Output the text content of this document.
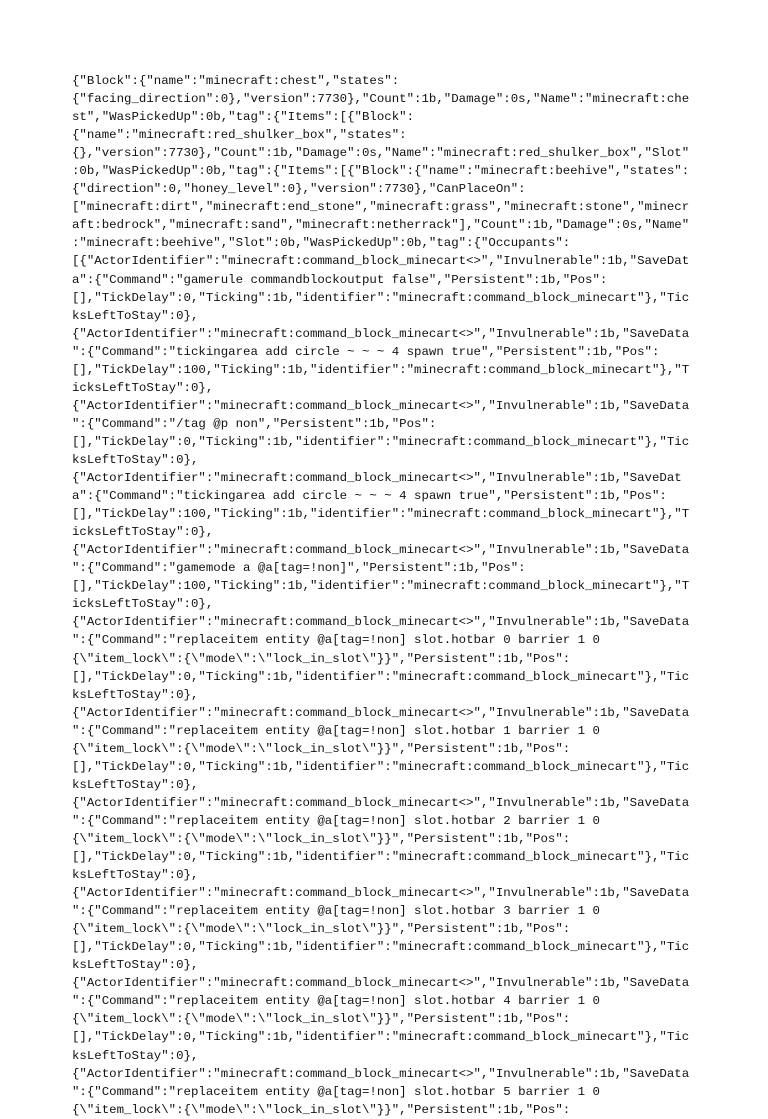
{"Block":{"name":"minecraft:chest","states":
{"facing_direction":0},"version":7730},"Count":1b,"Damage":0s,"Name":"minecraft:che
st","WasPickedUp":0b,"tag":{"Items":[{"Block":
{"name":"minecraft:red_shulker_box","states":
{},"version":7730},"Count":1b,"Damage":0s,"Name":"minecraft:red_shulker_box","Slot"
:0b,"WasPickedUp":0b,"tag":{"Items":[{"Block":{"name":"minecraft:beehive","states":
{"direction":0,"honey_level":0},"version":7730},"CanPlaceOn":
["minecraft:dirt","minecraft:end_stone","minecraft:grass","minecraft:stone","minecr
aft:bedrock","minecraft:sand","minecraft:netherrack"],"Count":1b,"Damage":0s,"Name"
:"minecraft:beehive","Slot":0b,"WasPickedUp":0b,"tag":{"Occupants":
[{"ActorIdentifier":"minecraft:command_block_minecart<>","Invulnerable":1b,"SaveDat
a":{"Command":"gamerule commandblockoutput false","Persistent":1b,"Pos":
[],"TickDelay":0,"Ticking":1b,"identifier":"minecraft:command_block_minecart"},"Tic
ksLeftToStay":0},
{"ActorIdentifier":"minecraft:command_block_minecart<>","Invulnerable":1b,"SaveData
":{"Command":"tickingarea add circle ~ ~ ~ 4 spawn true","Persistent":1b,"Pos":
[],"TickDelay":100,"Ticking":1b,"identifier":"minecraft:command_block_minecart"},"T
icksLeftToStay":0},
{"ActorIdentifier":"minecraft:command_block_minecart<>","Invulnerable":1b,"SaveData
":{"Command":"/tag @p non","Persistent":1b,"Pos":
[],"TickDelay":0,"Ticking":1b,"identifier":"minecraft:command_block_minecart"},"Tic
ksLeftToStay":0},
{"ActorIdentifier":"minecraft:command_block_minecart<>","Invulnerable":1b,"SaveDat
a":{"Command":"tickingarea add circle ~ ~ ~ 4 spawn true","Persistent":1b,"Pos":
[],"TickDelay":100,"Ticking":1b,"identifier":"minecraft:command_block_minecart"},"T
icksLeftToStay":0},
{"ActorIdentifier":"minecraft:command_block_minecart<>","Invulnerable":1b,"SaveData
":{"Command":"gamemode a @a[tag=!non]","Persistent":1b,"Pos":
[],"TickDelay":100,"Ticking":1b,"identifier":"minecraft:command_block_minecart"},"T
icksLeftToStay":0},
{"ActorIdentifier":"minecraft:command_block_minecart<>","Invulnerable":1b,"SaveData
":{"Command":"replaceitem entity @a[tag=!non] slot.hotbar 0 barrier 1 0
{\"item_lock\":{\"mode\":\"lock_in_slot\"}}","Persistent":1b,"Pos":
[],"TickDelay":0,"Ticking":1b,"identifier":"minecraft:command_block_minecart"},"Tic
ksLeftToStay":0},
{"ActorIdentifier":"minecraft:command_block_minecart<>","Invulnerable":1b,"SaveData
":{"Command":"replaceitem entity @a[tag=!non] slot.hotbar 1 barrier 1 0
{\"item_lock\":{\"mode\":\"lock_in_slot\"}}","Persistent":1b,"Pos":
[],"TickDelay":0,"Ticking":1b,"identifier":"minecraft:command_block_minecart"},"Tic
ksLeftToStay":0},
{"ActorIdentifier":"minecraft:command_block_minecart<>","Invulnerable":1b,"SaveData
":{"Command":"replaceitem entity @a[tag=!non] slot.hotbar 2 barrier 1 0
{\"item_lock\":{\"mode\":\"lock_in_slot\"}}","Persistent":1b,"Pos":
[],"TickDelay":0,"Ticking":1b,"identifier":"minecraft:command_block_minecart"},"Tic
ksLeftToStay":0},
{"ActorIdentifier":"minecraft:command_block_minecart<>","Invulnerable":1b,"SaveData
":{"Command":"replaceitem entity @a[tag=!non] slot.hotbar 3 barrier 1 0
{\"item_lock\":{\"mode\":\"lock_in_slot\"}}","Persistent":1b,"Pos":
[],"TickDelay":0,"Ticking":1b,"identifier":"minecraft:command_block_minecart"},"Tic
ksLeftToStay":0},
{"ActorIdentifier":"minecraft:command_block_minecart<>","Invulnerable":1b,"SaveData
":{"Command":"replaceitem entity @a[tag=!non] slot.hotbar 4 barrier 1 0
{\"item_lock\":{\"mode\":\"lock_in_slot\"}}","Persistent":1b,"Pos":
[],"TickDelay":0,"Ticking":1b,"identifier":"minecraft:command_block_minecart"},"Tic
ksLeftToStay":0},
{"ActorIdentifier":"minecraft:command_block_minecart<>","Invulnerable":1b,"SaveData
":{"Command":"replaceitem entity @a[tag=!non] slot.hotbar 5 barrier 1 0
{\"item_lock\":{\"mode\":\"lock_in_slot\"}}","Persistent":1b,"Pos":
